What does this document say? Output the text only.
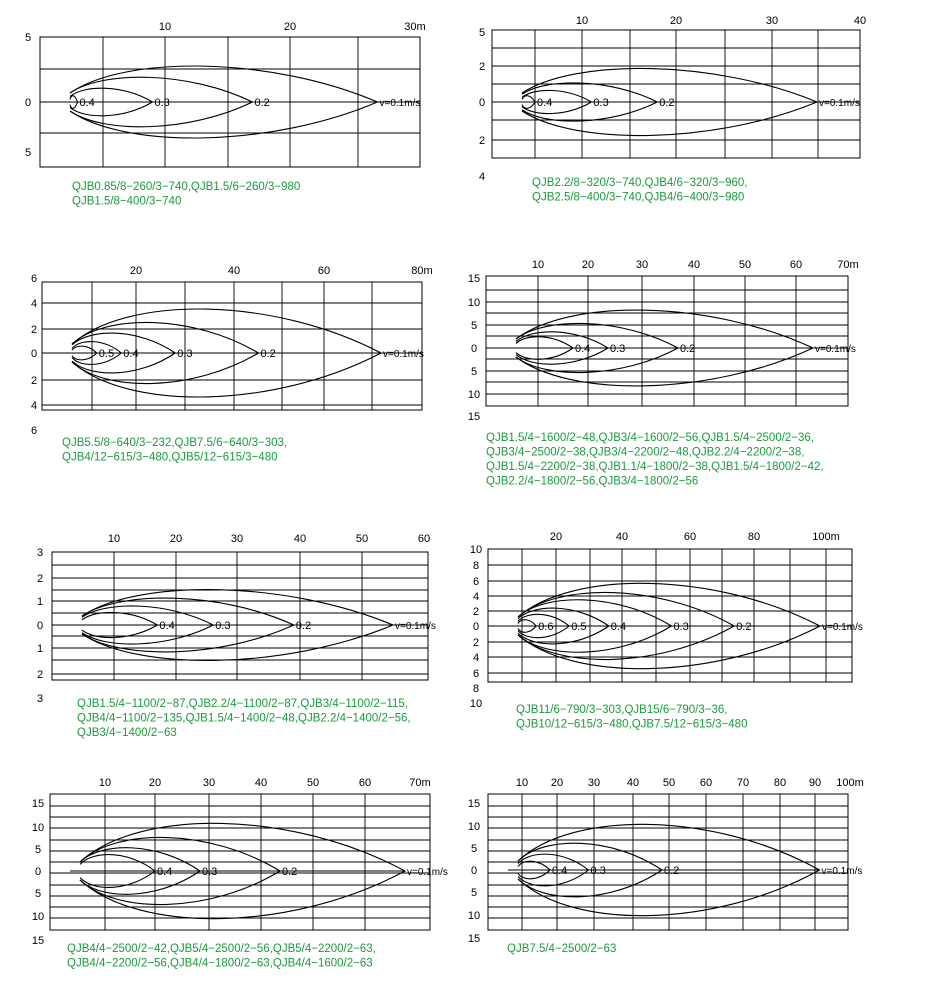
10	20	30m
5
0
5
0.4	0.3	0.2	v=0.1m/s
QJB0.85/8−260/3−740,QJB1.5/6−260/3−980 QJB1.5/8−400/3−740
10	20	30	40
5
2
0
2
4
0.4	0.3	0.2	v=0.1m/s
QJB2.2/8−320/3−740,QJB4/6−320/3−960, QJB2.5/8−400/3−740,QJB4/6−400/3−980
20	40	60	80m
6
4
2
0
2
4
6
0.5 0.4	0.3	0.2	v=0.1m/s
QJB5.5/8−640/3−232,QJB7.5/6−640/3−303, QJB4/12−615/3−480,QJB5/12−615/3−480
10	20	30	40	50	60	70m
15
10
5
0
5
10
15
0.4 0.3	0.2	v=0.1m/s
QJB1.5/4−1600/2−48,QJB3/4−1600/2−56,QJB1.5/4−2500/2−36, QJB3/4−2500/2−38,QJB3/4−2200/2−48,QJB2.2/4−2200/2−38, QJB1.5/4−2200/2−38,QJB1.1/4−1800/2−38,QJB1.5/4−1800/2−42, QJB2.2/4−1800/2−56,QJB3/4−1800/2−56
10	20	30	40	50	60
3
2
1
0
1
2
3
0.4	0.3	0.2	v=0.1m/s
QJB1.5/4−1100/2−87,QJB2.2/4−1100/2−87,QJB3/4−1100/2−115, QJB4/4−1100/2−135,QJB1.5/4−1400/2−48,QJB2.2/4−1400/2−56, QJB3/4−1400/2−63
20	40	60	80	100m
10
8
6
4
2
0
2
4
6
8
10
0.6 0.5 0.4	0.3	0.2	v=0.1m/s
QJB11/6−790/3−303,QJB15/6−790/3−36, QJB10/12−615/3−480,QJB7.5/12−615/3−480
10	20	30	40	50	60	70m
15
10
5
0
5
10
15
0.4	0.3	0.2	v=0.1m/s
QJB4/4−2500/2−42,QJB5/4−2500/2−56,QJB5/4−2200/2−63, QJB4/4−2200/2−56,QJB4/4−1800/2−63,QJB4/4−1600/2−63
10 20 30 40 50 60 70 80 90 100m
15
10
5
0
5
10
15
0.4 0.3	0.2	v=0.1m/s
QJB7.5/4−2500/2−63
